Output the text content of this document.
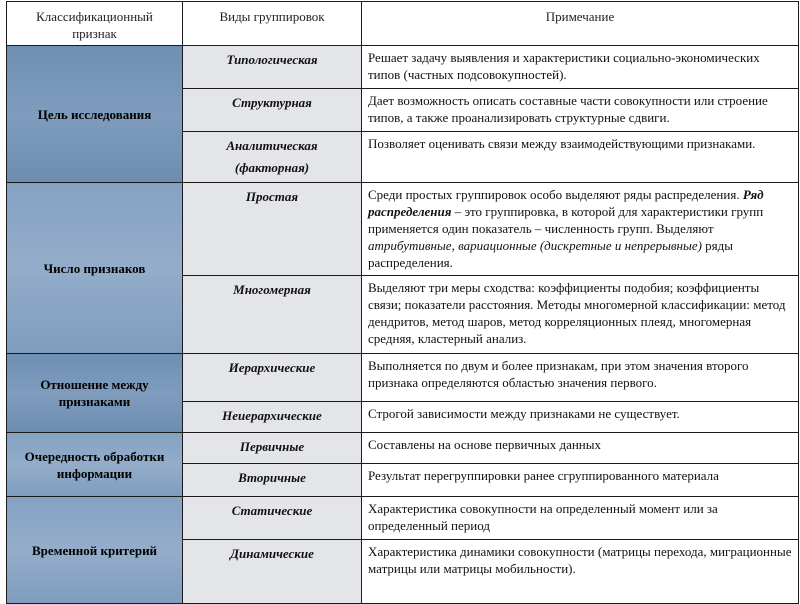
Классификационный признак	Виды группировок	Примечание
Цель исследования	Типологическая	Решает задачу выявления и характеристики социально-экономических типов (частных подсовокупностей).
	Структурная	Дает возможность описать составные части совокупности или строение типов, а также проанализировать структурные сдвиги.
	Аналитическая (факторная)	Позволяет оценивать связи между взаимодействующими признаками.
Число признаков	Простая	Среди простых группировок особо выделяют ряды распределения. Ряд распределения – это группировка, в которой для характеристики групп применяется один показатель – численность групп. Выделяют атрибутивные, вариационные (дискретные и непрерывные) ряды распределения.
	Многомерная	Выделяют три меры сходства: коэффициенты подобия; коэффициенты связи; показатели расстояния. Методы многомерной классификации: метод дендритов, метод шаров, метод корреляционных плеяд, многомерная средняя, кластерный анализ.
Отношение между признаками	Иерархические	Выполняется по двум и более признакам, при этом значения второго признака определяются областью значения первого.
	Неиерархические	Строгой зависимости между признаками не существует.
Очередность обработки информации	Первичные	Составлены на основе первичных данных
	Вторичные	Результат перегруппировки ранее сгруппированного материала
Временной критерий	Статические	Характеристика совокупности на определенный момент или за определенный период
	Динамические	Характеристика динамики совокупности (матрицы перехода, миграционные матрицы или матрицы мобильности).
